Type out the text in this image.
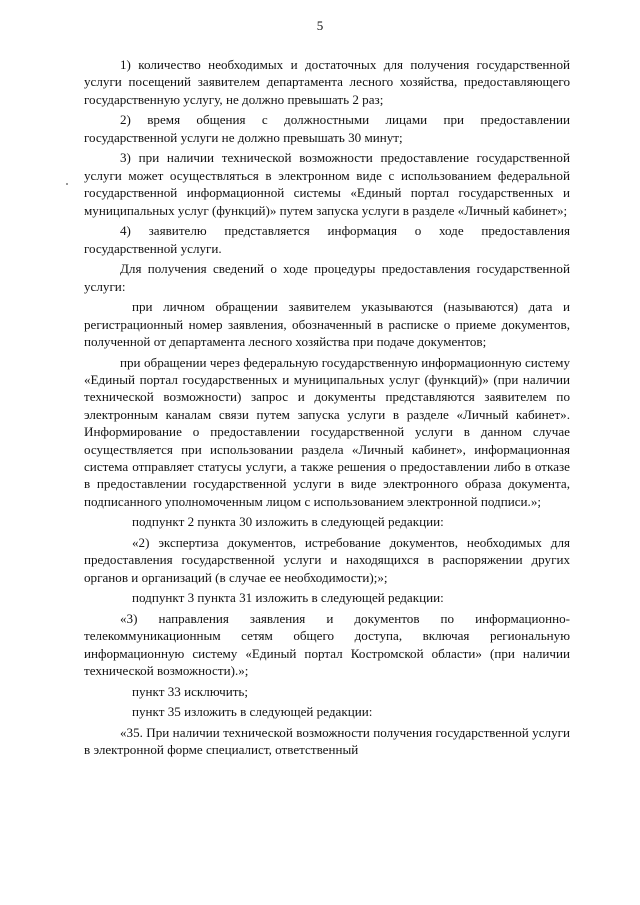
5

1) количество необходимых и достаточных для получения государственной услуги посещений заявителем департамента лесного хозяйства, предоставляющего государственную услугу, не должно превышать 2 раз;

2) время общения с должностными лицами при предоставлении государственной услуги не должно превышать 30 минут;

3) при наличии технической возможности предоставление государственной услуги может осуществляться в электронном виде с использованием федеральной государственной информационной системы «Единый портал государственных и муниципальных услуг (функций)» путем запуска услуги в разделе «Личный кабинет»;

4) заявителю представляется информация о ходе предоставления государственной услуги.

Для получения сведений о ходе процедуры предоставления государственной услуги:

при личном обращении заявителем указываются (называются) дата и регистрационный номер заявления, обозначенный в расписке о приеме документов, полученной от департамента лесного хозяйства при подаче документов;

при обращении через федеральную государственную информационную систему «Единый портал государственных и муниципальных услуг (функций)» (при наличии технической возможности) запрос и документы представляются заявителем по электронным каналам связи путем запуска услуги в разделе «Личный кабинет». Информирование о предоставлении государственной услуги в данном случае осуществляется при использовании раздела «Личный кабинет», информационная система отправляет статусы услуги, а также решения о предоставлении либо в отказе в предоставлении государственной услуги в виде электронного образа документа, подписанного уполномоченным лицом с использованием электронной подписи.»;

подпункт 2 пункта 30 изложить в следующей редакции:

«2) экспертиза документов, истребование документов, необходимых для предоставления государственной услуги и находящихся в распоряжении других органов и организаций (в случае ее необходимости);»;

подпункт 3 пункта 31 изложить в следующей редакции:

«3) направления заявления и документов по информационно-телекоммуникационным сетям общего доступа, включая региональную информационную систему «Единый портал Костромской области» (при наличии технической возможности).»;

пункт 33 исключить;

пункт 35 изложить в следующей редакции:

«35. При наличии технической возможности получения государственной услуги в электронной форме специалист, ответственный
